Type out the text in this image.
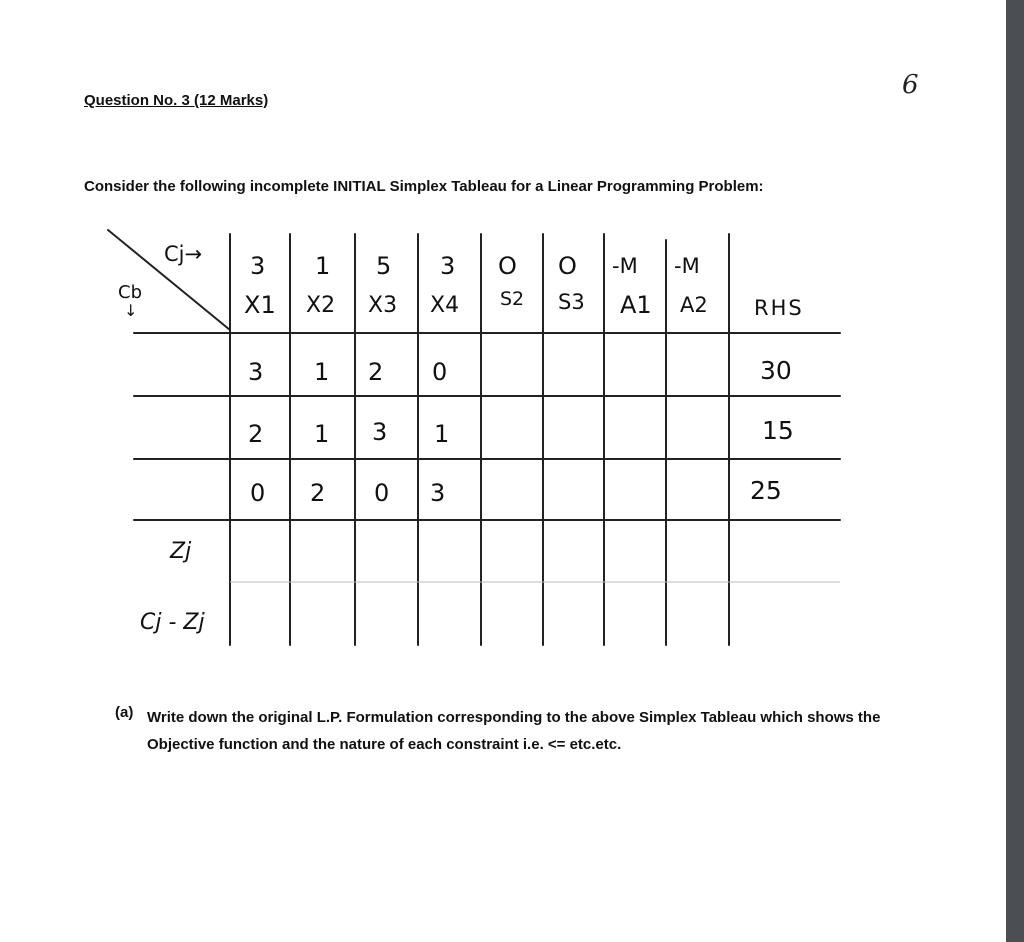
6
Question No. 3 (12 Marks)
Consider the following incomplete INITIAL Simplex Tableau for a Linear Programming Problem:
Cj→
Cb
↓
3 1 5 3 O O -M -M
X1 X2 X3 X4 S2 S3 A1 A2 RHS
3 1 2 0	30
2 1 3 1	15
0 2 0 3	25
Zj
Cj - Zj
(a) Write down the original L.P. Formulation corresponding to the above Simplex Tableau which shows the Objective function and the nature of each constraint i.e. <= etc.etc.
